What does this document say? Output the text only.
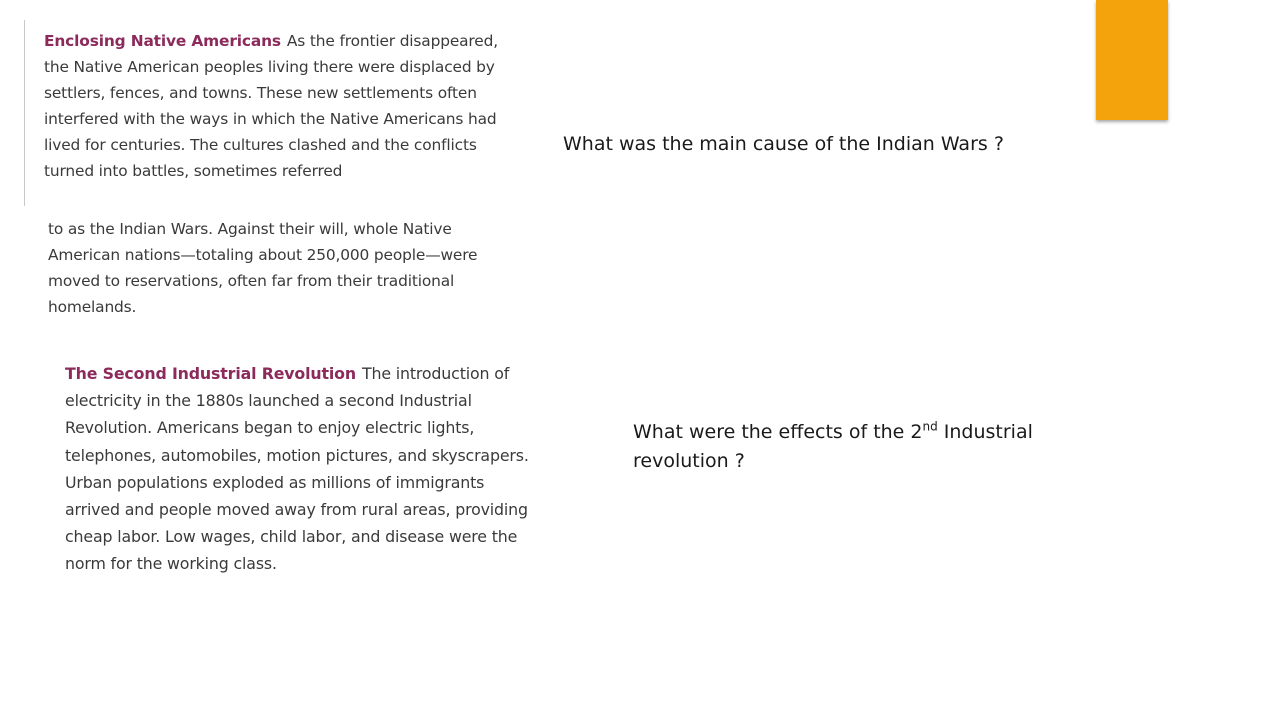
Enclosing Native Americans As the frontier disappeared, the Native American peoples living there were displaced by settlers, fences, and towns. These new settlements often interfered with the ways in which the Native Americans had lived for centuries. The cultures clashed and the conflicts turned into battles, sometimes referred

to as the Indian Wars. Against their will, whole Native American nations—totaling about 250,000 people—were moved to reservations, often far from their traditional homelands.

The Second Industrial Revolution The introduction of electricity in the 1880s launched a second Industrial Revolution. Americans began to enjoy electric lights, telephones, automobiles, motion pictures, and skyscrapers. Urban populations exploded as millions of immigrants arrived and people moved away from rural areas, providing cheap labor. Low wages, child labor, and disease were the norm for the working class.

What was the main cause of the Indian Wars ?

What were the effects of the 2nd Industrial revolution ?
